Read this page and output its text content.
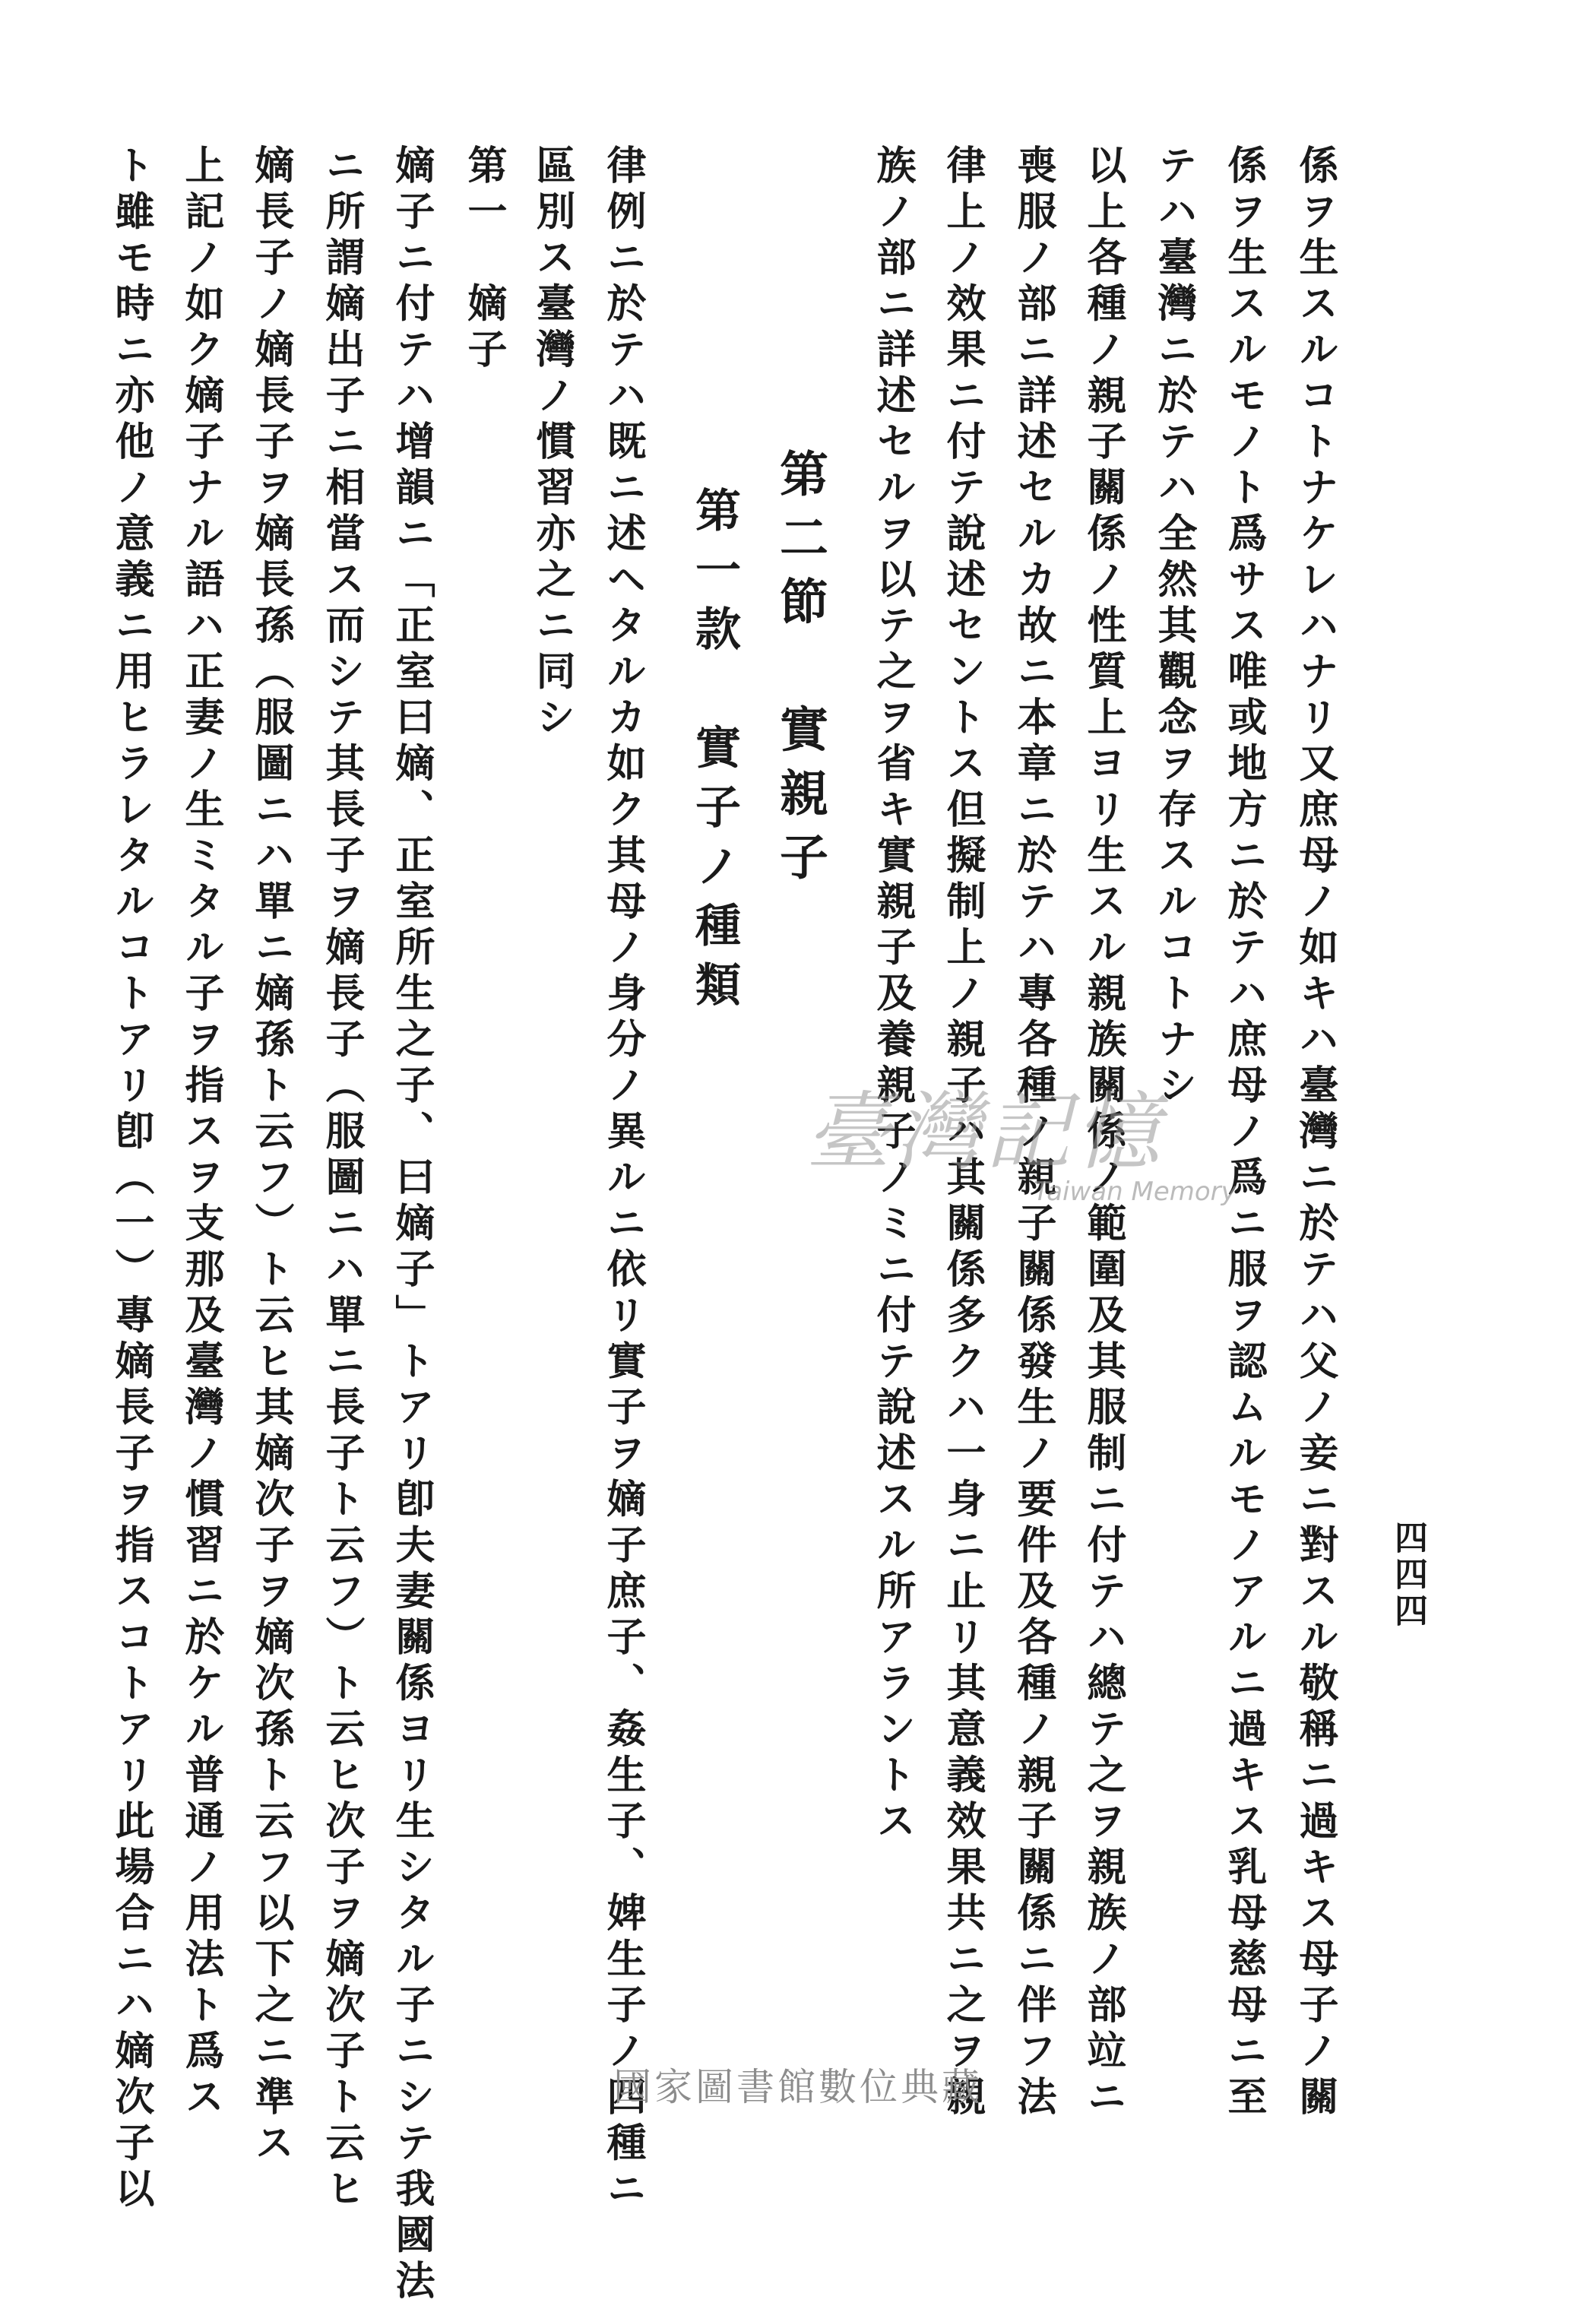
四四四
係ヲ生スルコトナケレハナリ又庶母ノ如キハ臺灣ニ於テハ父ノ妾ニ對スル敬稱ニ過キス母子ノ關
係ヲ生スルモノト爲サス唯或地方ニ於テハ庶母ノ爲ニ服ヲ認ムルモノアルニ過キス乳母慈母ニ至
テハ臺灣ニ於テハ全然其觀念ヲ存スルコトナシ
以上各種ノ親子關係ノ性質上ヨリ生スル親族關係ノ範圍及其服制ニ付テハ總テ之ヲ親族ノ部竝ニ
喪服ノ部ニ詳述セルカ故ニ本章ニ於テハ專各種ノ親子關係發生ノ要件及各種ノ親子關係ニ伴フ法
律上ノ效果ニ付テ說述セントス但擬制上ノ親子ハ其關係多クハ一身ニ止リ其意義效果共ニ之ヲ親
族ノ部ニ詳述セルヲ以テ之ヲ省キ實親子及養親子ノミニ付テ說述スル所アラントス
第二節　實親子
第一款　實子ノ種類
律例ニ於テハ既ニ述ヘタルカ如ク其母ノ身分ノ異ルニ依リ實子ヲ嫡子庶子、姦生子、婢生子ノ四種ニ
區別ス臺灣ノ慣習亦之ニ同シ
第一　嫡子
嫡子ニ付テハ增韻ニ「正室曰嫡、正室所生之子、曰嫡子」トアリ卽夫妻關係ヨリ生シタル子ニシテ我國法
ニ所謂嫡出子ニ相當ス而シテ其長子ヲ嫡長子（服圖ニハ單ニ長子ト云フ）ト云ヒ次子ヲ嫡次子ト云ヒ
嫡長子ノ嫡長子ヲ嫡長孫（服圖ニハ單ニ嫡孫ト云フ）ト云ヒ其嫡次子ヲ嫡次孫ト云フ以下之ニ準ス
上記ノ如ク嫡子ナル語ハ正妻ノ生ミタル子ヲ指スヲ支那及臺灣ノ慣習ニ於ケル普通ノ用法ト爲ス
ト雖モ時ニ亦他ノ意義ニ用ヒラレタルコトアリ卽（一）專嫡長子ヲ指スコトアリ此場合ニハ嫡次子以	臺灣記憶
Taiwan Memory
國家圖書館數位典藏
